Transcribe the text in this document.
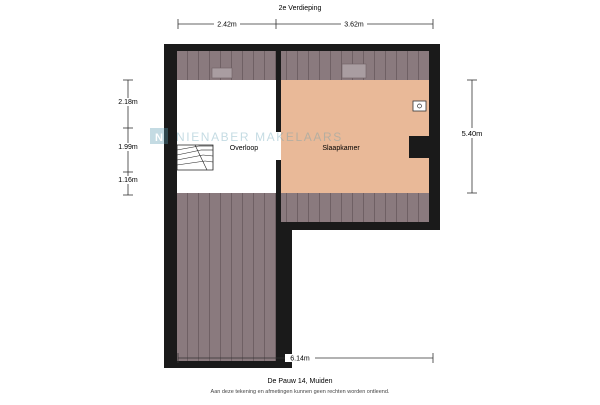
2e Verdieping
2.42m	3.62m
2.18m
1.99m
1.16m
5.40m
Overloop	Slaapkamer
N NIENABER MAKELAARS
6.14m
De Pauw 14, Muiden
Aan deze tekening en afmetingen kunnen geen rechten worden ontleend.
